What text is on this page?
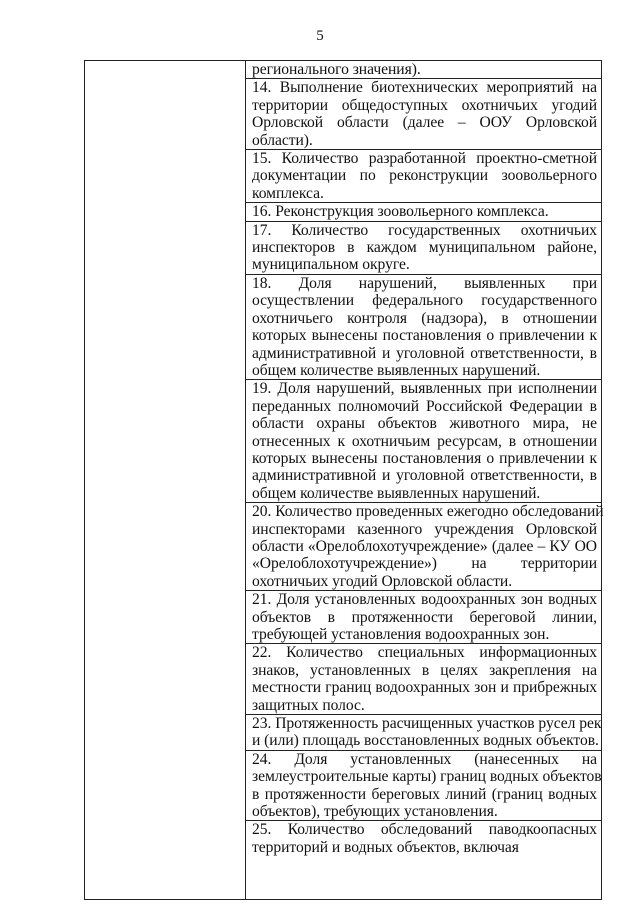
5

регионального значения).
14. Выполнение биотехнических мероприятий на
территории общедоступных охотничьих угодий
Орловской области (далее – ООУ Орловской
области).
15. Количество разработанной проектно-сметной
документации по реконструкции зоовольерного
комплекса.
16. Реконструкция зоовольерного комплекса.
17. Количество государственных охотничьих
инспекторов в каждом муниципальном районе,
муниципальном округе.
18. Доля нарушений, выявленных при
осуществлении федерального государственного
охотничьего контроля (надзора), в отношении
которых вынесены постановления о привлечении к
административной и уголовной ответственности, в
общем количестве выявленных нарушений.
19. Доля нарушений, выявленных при исполнении
переданных полномочий Российской Федерации в
области охраны объектов животного мира, не
отнесенных к охотничьим ресурсам, в отношении
которых вынесены постановления о привлечении к
административной и уголовной ответственности, в
общем количестве выявленных нарушений.
20. Количество проведенных ежегодно обследований
инспекторами казенного учреждения Орловской
области «Орелоблохотучреждение» (далее – КУ ОО
«Орелоблохотучреждение») на территории
охотничьих угодий Орловской области.
21. Доля установленных водоохранных зон водных
объектов в протяженности береговой линии,
требующей установления водоохранных зон.
22. Количество специальных информационных
знаков, установленных в целях закрепления на
местности границ водоохранных зон и прибрежных
защитных полос.
23. Протяженность расчищенных участков русел рек
и (или) площадь восстановленных водных объектов.
24. Доля установленных (нанесенных на
землеустроительные карты) границ водных объектов
в протяженности береговых линий (границ водных
объектов), требующих установления.
25. Количество обследований паводкоопасных
территорий и водных объектов, включая
